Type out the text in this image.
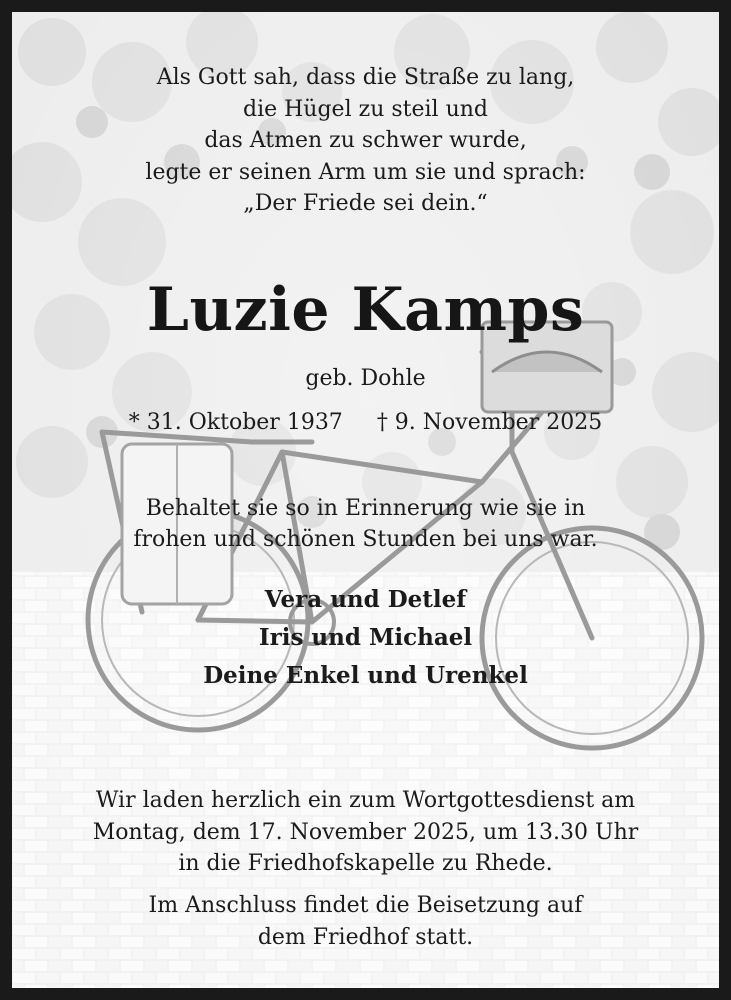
Als Gott sah, dass die Straße zu lang,
die Hügel zu steil und
das Atmen zu schwer wurde,
legte er seinen Arm um sie und sprach:
„Der Friede sei dein.“
Luzie Kamps
geb. Dohle
* 31. Oktober 1937 † 9. November 2025
Behaltet sie so in Erinnerung wie sie in
frohen und schönen Stunden bei uns war.
Vera und Detlef
Iris und Michael
Deine Enkel und Urenkel
Wir laden herzlich ein zum Wortgottesdienst am
Montag, dem 17. November 2025, um 13.30 Uhr
in die Friedhofskapelle zu Rhede.
Im Anschluss findet die Beisetzung auf
dem Friedhof statt.
